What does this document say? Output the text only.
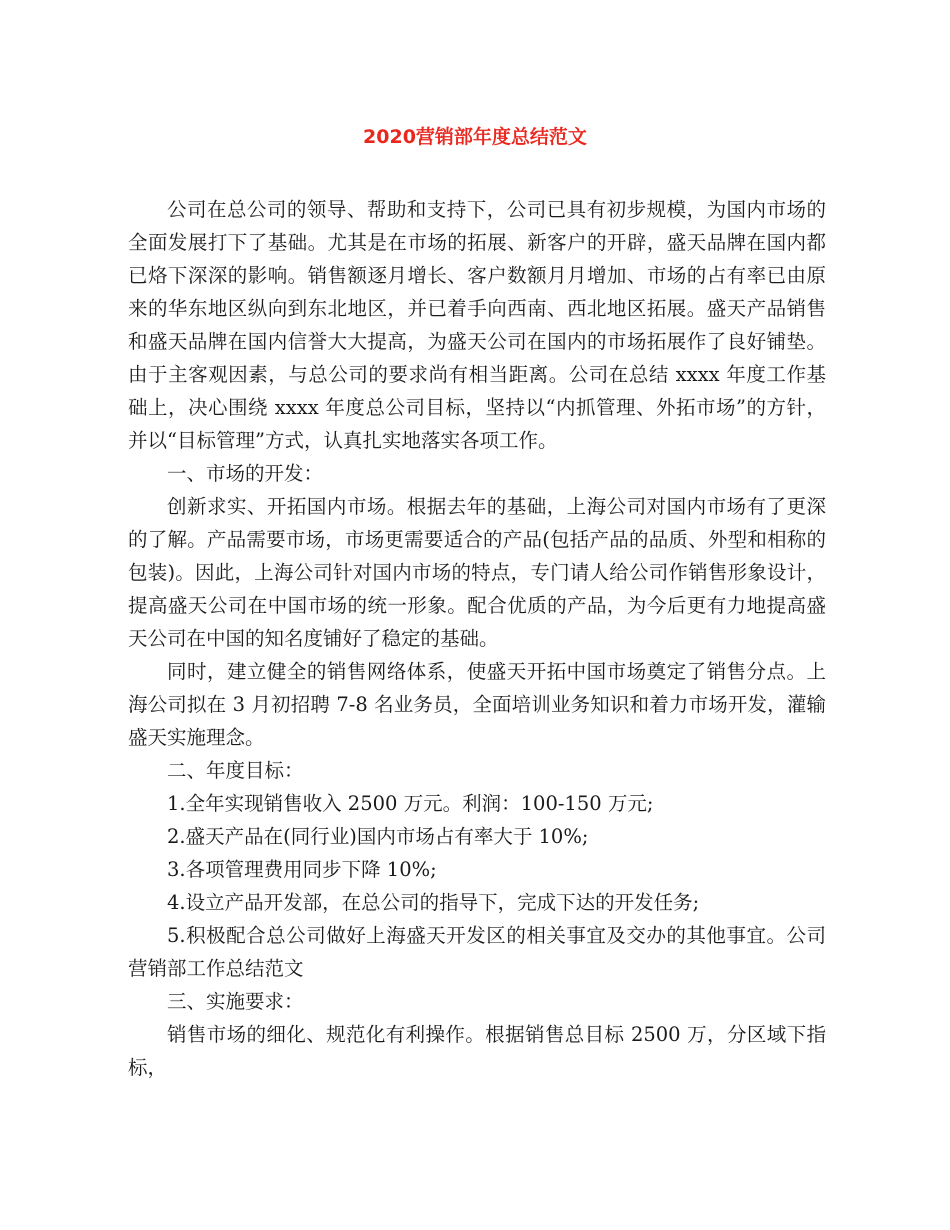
2020营销部年度总结范文

公司在总公司的领导、帮助和支持下，公司已具有初步规模，为国内市场的全面发展打下了基础。尤其是在市场的拓展、新客户的开辟，盛天品牌在国内都已烙下深深的影响。销售额逐月增长、客户数额月月增加、市场的占有率已由原来的华东地区纵向到东北地区，并已着手向西南、西北地区拓展。盛天产品销售和盛天品牌在国内信誉大大提高，为盛天公司在国内的市场拓展作了良好铺垫。由于主客观因素，与总公司的要求尚有相当距离。公司在总结 xxxx 年度工作基础上，决心围绕 xxxx 年度总公司目标，坚持以“内抓管理、外拓市场”的方针，并以“目标管理”方式，认真扎实地落实各项工作。

一、市场的开发：

创新求实、开拓国内市场。根据去年的基础，上海公司对国内市场有了更深的了解。产品需要市场，市场更需要适合的产品(包括产品的品质、外型和相称的包装)。因此，上海公司针对国内市场的特点，专门请人给公司作销售形象设计，提高盛天公司在中国市场的统一形象。配合优质的产品，为今后更有力地提高盛天公司在中国的知名度铺好了稳定的基础。

同时，建立健全的销售网络体系，使盛天开拓中国市场奠定了销售分点。上海公司拟在 3 月初招聘 7-8 名业务员，全面培训业务知识和着力市场开发，灌输盛天实施理念。

二、年度目标：

1.全年实现销售收入 2500 万元。利润：100-150 万元;

2.盛天产品在(同行业)国内市场占有率大于 10%;

3.各项管理费用同步下降 10%;

4.设立产品开发部，在总公司的指导下，完成下达的开发任务;

5.积极配合总公司做好上海盛天开发区的相关事宜及交办的其他事宜。公司营销部工作总结范文

三、实施要求：

销售市场的细化、规范化有利操作。根据销售总目标 2500 万，分区域下指标，
